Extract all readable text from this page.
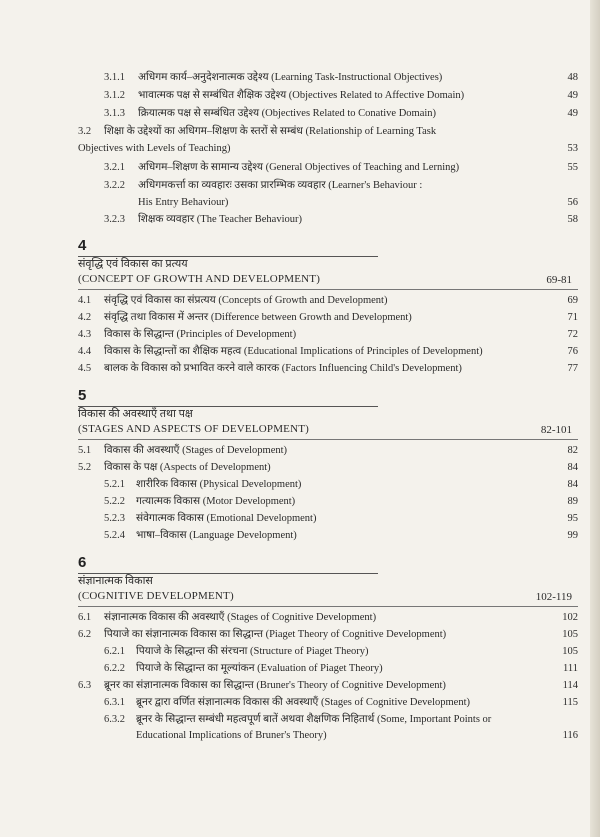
3.1.1 अधिगम कार्य–अनुदेशनात्मक उद्देश्य (Learning Task-Instructional Objectives)	48
3.1.2 भावात्मक पक्ष से सम्बंधित शैक्षिक उद्देश्य (Objectives Related to Affective Domain)	49
3.1.3 क्रियात्मक पक्ष से सम्बंधित उद्देश्य (Objectives Related to Conative Domain)	49
3.2 शिक्षा के उद्देश्यों का अधिगम–शिक्षण के स्तरों से सम्बंध (Relationship of Learning Task
Objectives with Levels of Teaching)	53
3.2.1 अधिगम–शिक्षण के सामान्य उद्देश्य (General Objectives of Teaching and Lerning)	55
3.2.2 अधिगमकर्त्ता का व्यवहारः उसका प्रारम्भिक व्यवहार (Learner's Behaviour :
His Entry Behaviour)	56
3.2.3 शिक्षक व्यवहार (The Teacher Behaviour)	58
4
संवृद्धि एवं विकास का प्रत्यय
(CONCEPT OF GROWTH AND DEVELOPMENT)	69-81
4.1 संवृद्धि एवं विकास का संप्रत्यय (Concepts of Growth and Development)	69
4.2 संवृद्धि तथा विकास में अन्तर (Difference between Growth and Development)	71
4.3 विकास के सिद्धान्त (Principles of Development)	72
4.4 विकास के सिद्धान्तों का शैक्षिक महत्व (Educational Implications of Principles of Development)	76
4.5 बालक के विकास को प्रभावित करने वाले कारक (Factors Influencing Child's Development)	77
5
विकास की अवस्थाएँ तथा पक्ष
(STAGES AND ASPECTS OF DEVELOPMENT)	82-101
5.1 विकास की अवस्थाएँ (Stages of Development)	82
5.2 विकास के पक्ष (Aspects of Development)	84
5.2.1 शारीरिक विकास (Physical Development)	84
5.2.2 गत्यात्मक विकास (Motor Development)	89
5.2.3 संवेगात्मक विकास (Emotional Development)	95
5.2.4 भाषा–विकास (Language Development)	99
6
संज्ञानात्मक विकास
(COGNITIVE DEVELOPMENT)	102-119
6.1 संज्ञानात्मक विकास की अवस्थाएँ (Stages of Cognitive Development)	102
6.2 पियाजे का संज्ञानात्मक विकास का सिद्धान्त (Piaget Theory of Cognitive Development)	105
6.2.1 पियाजे के सिद्धान्त की संरचना (Structure of Piaget Theory)	105
6.2.2 पियाजे के सिद्धान्त का मूल्यांकन (Evaluation of Piaget Theory)	111
6.3 ब्रूनर का संज्ञानात्मक विकास का सिद्धान्त (Bruner's Theory of Cognitive Development)	114
6.3.1 ब्रूनर द्वारा वर्णित संज्ञानात्मक विकास की अवस्थाएँ (Stages of Cognitive Development)	115
6.3.2 ब्रूनर के सिद्धान्त सम्बंधी महत्वपूर्ण बातें अथवा शैक्षणिक निहितार्थ (Some, Important Points or
Educational Implications of Bruner's Theory)	116
